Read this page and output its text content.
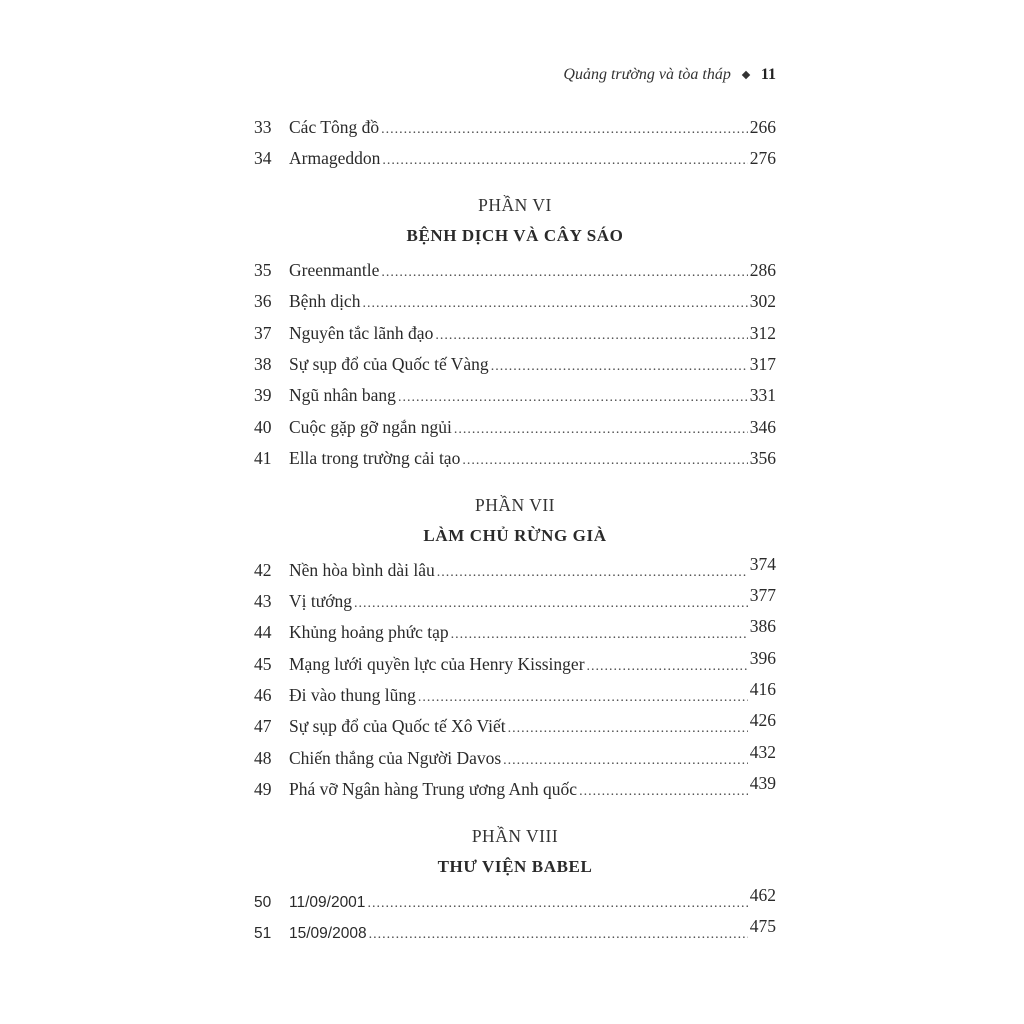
Quảng trường và tòa tháp 11
33	Các Tông đồ .....	266
34	Armageddon .....	276
PHẦN VI
BỆNH DỊCH VÀ CÂY SÁO
35	Greenmantle .....	286
36	Bệnh dịch .....	302
37	Nguyên tắc lãnh đạo .....	312
38	Sự sụp đổ của Quốc tế Vàng .....	317
39	Ngũ nhân bang .....	331
40	Cuộc gặp gỡ ngắn ngủi .....	346
41	Ella trong trường cải tạo .....	356
PHẦN VII
LÀM CHỦ RỪNG GIÀ
42	Nền hòa bình dài lâu .....	374
43	Vị tướng .....	377
44	Khủng hoảng phức tạp .....	386
45	Mạng lưới quyền lực của Henry Kissinger .....	396
46	Đi vào thung lũng .....	416
47	Sự sụp đổ của Quốc tế Xô Viết .....	426
48	Chiến thắng của Người Davos .....	432
49	Phá vỡ Ngân hàng Trung ương Anh quốc .....	439
PHẦN VIII
THƯ VIỆN BABEL
50	11/09/2001 .....	462
51	15/09/2008 .....	475
